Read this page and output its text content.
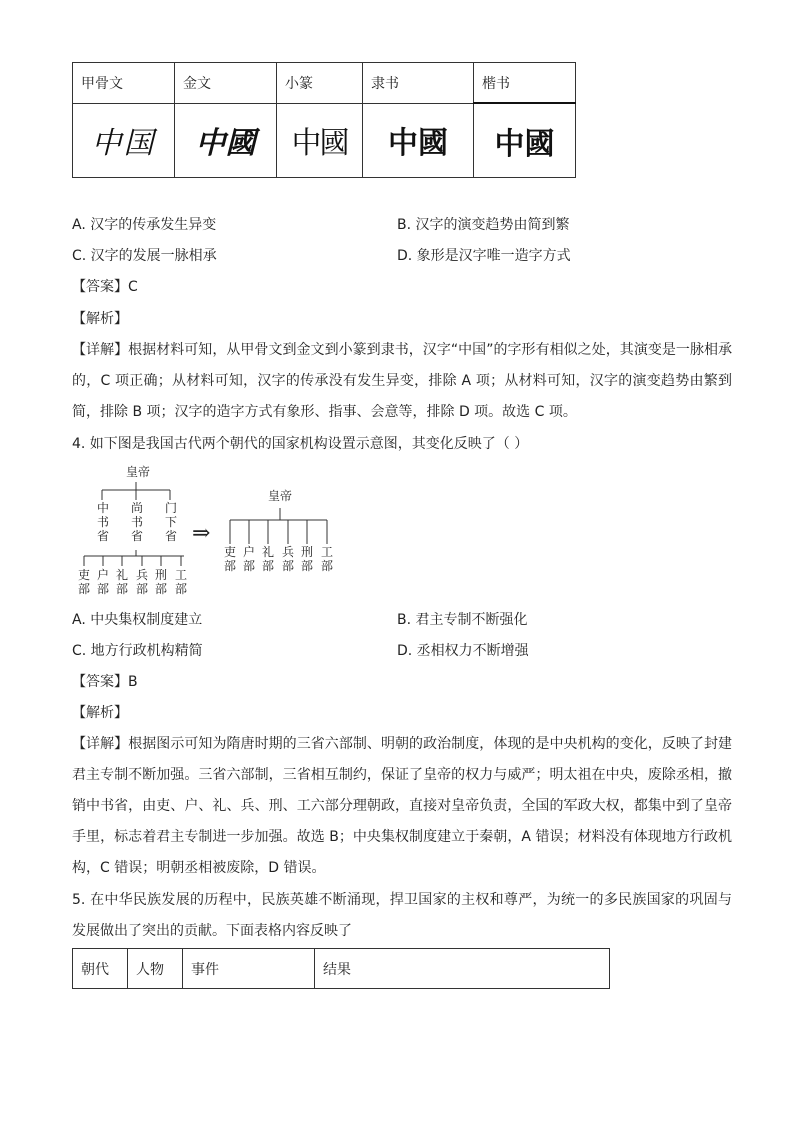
甲骨文	金文	小篆	隶书	楷书
中国	中國	中國	中國	中國
A. 汉字的传承发生异变	B. 汉字的演变趋势由简到繁
C. 汉字的发展一脉相承	D. 象形是汉字唯一造字方式
【答案】C
【解析】
【详解】根据材料可知，从甲骨文到金文到小篆到隶书，汉字“中国”的字形有相似之处，其演变是一脉相承的，C 项正确；从材料可知，汉字的传承没有发生异变，排除 A 项；从材料可知，汉字的演变趋势由繁到简，排除 B 项；汉字的造字方式有象形、指事、会意等，排除 D 项。故选 C 项。
4. 如下图是我国古代两个朝代的国家机构设置示意图，其变化反映了（ ）
皇帝
中书省
尚书省
门下省
吏部
户部
礼部
兵部
刑部
工部
⇒
皇帝
吏部
户部
礼部
兵部
刑部
工部
A. 中央集权制度建立	B. 君主专制不断强化
C. 地方行政机构精简	D. 丞相权力不断增强
【答案】B
【解析】
【详解】根据图示可知为隋唐时期的三省六部制、明朝的政治制度，体现的是中央机构的变化，反映了封建君主专制不断加强。三省六部制，三省相互制约，保证了皇帝的权力与威严；明太祖在中央，废除丞相，撤销中书省，由吏、户、礼、兵、刑、工六部分理朝政，直接对皇帝负责，全国的军政大权，都集中到了皇帝手里，标志着君主专制进一步加强。故选 B；中央集权制度建立于秦朝，A 错误；材料没有体现地方行政机构，C 错误；明朝丞相被废除，D 错误。
5. 在中华民族发展的历程中，民族英雄不断涌现，捍卫国家的主权和尊严，为统一的多民族国家的巩固与发展做出了突出的贡献。下面表格内容反映了
朝代	人物	事件	结果
